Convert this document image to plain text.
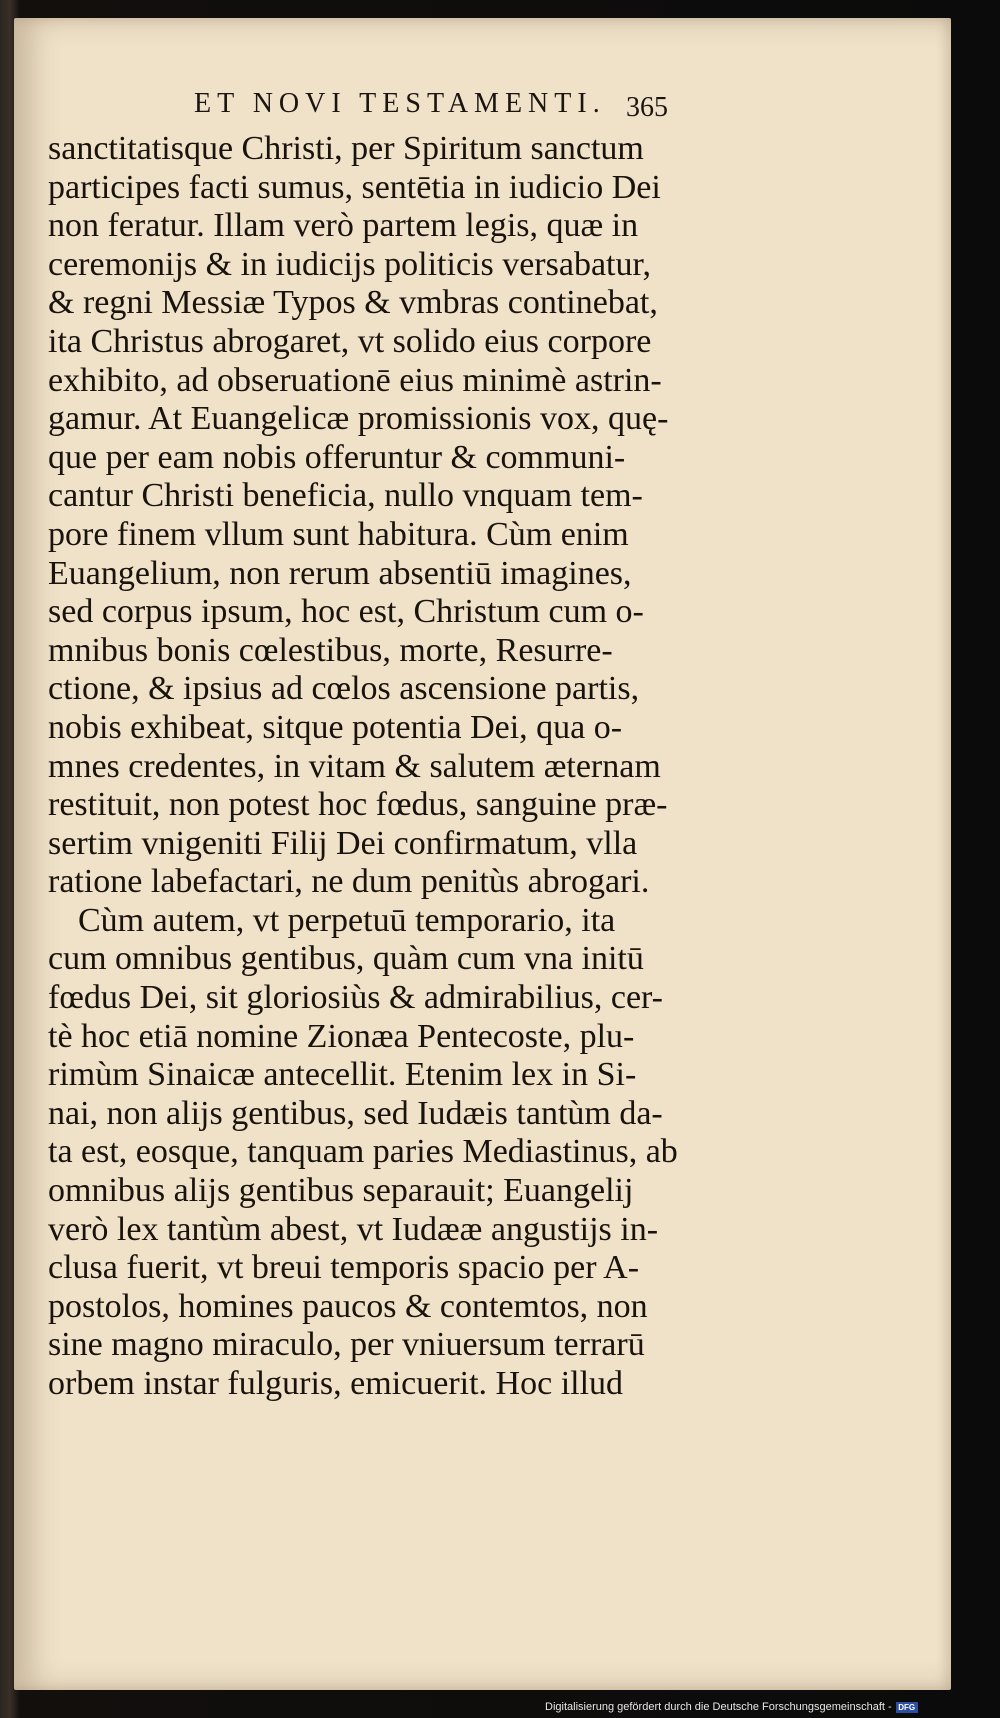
ET NOVI TESTAMENTI. 365
sanctitatisque Christi, per Spiritum sanctum
participes facti sumus, sentētia in iudicio Dei
non feratur. Illam verò partem legis, quæ in
ceremonijs & in iudicijs politicis versabatur,
& regni Messiæ Typos & vmbras continebat,
ita Christus abrogaret, vt solido eius corpore
exhibito, ad obseruationē eius minimè astrin-
gamur. At Euangelicæ promissionis vox, quę-
que per eam nobis offeruntur & communi-
cantur Christi beneficia, nullo vnquam tem-
pore finem vllum sunt habitura. Cùm enim
Euangelium, non rerum absentiū imagines,
sed corpus ipsum, hoc est, Christum cum o-
mnibus bonis cœlestibus, morte, Resurre-
ctione, & ipsius ad cœlos ascensione partis,
nobis exhibeat, sitque potentia Dei, qua o-
mnes credentes, in vitam & salutem æternam
restituit, non potest hoc fœdus, sanguine præ-
sertim vnigeniti Filij Dei confirmatum, vlla
ratione labefactari, ne dum penitùs abrogari.
Cùm autem, vt perpetuū temporario, ita
cum omnibus gentibus, quàm cum vna initū
fœdus Dei, sit gloriosiùs & admirabilius, cer-
tè hoc etiā nomine Zionæa Pentecoste, plu-
rimùm Sinaicæ antecellit. Etenim lex in Si-
nai, non alijs gentibus, sed Iudæis tantùm da-
ta est, eosque, tanquam paries Mediastinus, ab
omnibus alijs gentibus separauit; Euangelij
verò lex tantùm abest, vt Iudææ angustijs in-
clusa fuerit, vt breui temporis spacio per A-
postolos, homines paucos & contemtos, non
sine magno miraculo, per vniuersum terrarū
orbem instar fulguris, emicuerit. Hoc illud
Digitalisierung gefördert durch die Deutsche Forschungsgemeinschaft - DFG
